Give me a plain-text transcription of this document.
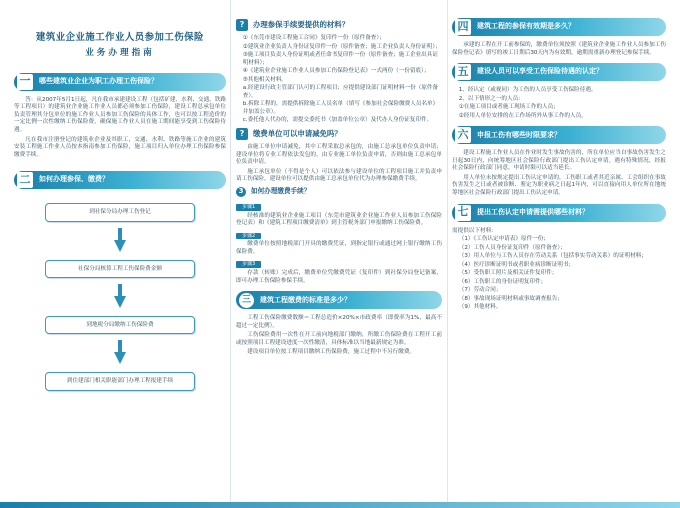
建筑业企业施工作业人员参加工伤保险
业务办理指南
一	哪些建筑业企业为职工办理工伤保险？

答：从2007年5月1日起，凡在我市承建建设工程（包括矿建、水利、交通、铁路等工程项目）的建筑业企业施工作业人员都必须参加工伤保险，建设工程总承包单位负责管理其分包单位的施工作业人员参加工伤保险的具体工作，也可以按工程造价的一定比例一次性缴纳工伤保险费，确保施工作业人员在施工期间能享受到工伤保险待遇。

凡在我市注册登记的建筑业企业及其职工，交通、水利、铁路等施工企业的建筑安装工程施工作业人员按本指南参加工伤保险，施工项目归入单位办理工伤保险参保缴费手续。

二	如何办理参保、缴费？
到社保分局办理工伤登记
社保分局核算工程工伤保险费金额
到地税分局缴纳工伤保险费
到住建部门相关职能部门办理工程报建手续
?	办理参保手续要提供的材料？
①《东莞市建设工程施工合同》复印件一份（原件备查）；
②建筑业企业负责人身份证复印件一份（原件备查；施工企业负责人身份证明）；
③施工项目负责人身份证明或者任命书复印件一份（原件备查；施工企业出具证明材料）；
④《建筑业企业施工作业人员参加工伤保险登记表》一式两份（一份留底）；
⑤其他相关材料。
a.经建设行政主管部门认可的工程项目；应提供建设部门证明材料一份（原件备查）。
b.拆除工程的，需提供拆除施工人员名单（填写《参加社会保险缴费人员名单》并加盖公章）。
c.委托他人代办的，需提交委托书（加盖单位公章）及代办人身份证复印件。
?	缴费单位可以申请减免吗？

由施工单位申请减免，其中工程采取总承包的，由施工总承包单位负责申请；建设单位将专业工程依法发包的，由专业施工单位负责申请，否则由施工总承包单位负责申请。

施工承包单位（不得是个人）可以依法参与建设单位的工程项目施工并负责申请工伤保险，建设单位可以提供由施工总承包单位代为办理参保缴费手续。

3	如何办理缴费手续？
步骤1

经核准的建筑业企业施工项目（东莞市建筑业企业施工作业人员参加工伤保险登记表）和《建筑工程项目缴费清单》到主管税务部门申报缴纳工伤保险费。

步骤2

缴费单位按照地税部门开具的缴费凭证，到指定银行或通过网上银行缴纳工伤保险费。

步骤3

存款（转账）完成后，缴费单位凭缴费凭证（复印件）到社保分局登记备案，即可办理工伤保险参保手续。

三	建筑工程缴费的标准是多少？

工程工伤保险缴费数额＝工程总造价×20%×市政费率（即费率为1%，最高不超过一定比例）。

工伤保险费用一次性在开工前向地税部门缴纳，所缴工伤保险费在工程开工前或按照项目工程建设进度一次性缴清，具体标准以当地最新规定为准。

建设项目单位按工程项目缴纳工伤保险费，施工过程中不另行缴费。

四	建筑工程的参保有效期是多久？

承建的工程在开工前参保的，缴费单位须按照《建筑业企业施工作业人员参加工伤保险登记表》填写的竣工日期后30天内为有效期，逾期需重新办理登记参保手续。

五	建设人员可以享受工伤保险待遇的认定？
1、经认定（或视同）为工伤的人员享受工伤保险待遇。
2、以下情形之一的人员：
①在施工项目或者施工现场工作的人员；
②经用人单位安排的在工作场所外从事工作的人员。
六	申报工伤有哪些时限要求？

建设工程施工作业人员在作业时发生事故伤害的，所在单位应当自事故伤害发生之日起30日内，向统筹地区社会保险行政部门提出工伤认定申请。遇有特殊情况，经报社会保险行政部门同意，申请时限可以适当延长。

用人单位未按规定提出工伤认定申请的，工伤职工或者其近亲属、工会组织在事故伤害发生之日或者被诊断、鉴定为职业病之日起1年内，可以直接向用人单位所在地统筹地区社会保险行政部门提出工伤认定申请。

七	提出工伤认定申请需提供哪些材料？
需提供以下材料：
（1）《工伤认定申请表》原件一份；
（2）工伤人员身份证复印件（原件备查）；
（3）用人单位与工伤人员存在劳动关系（包括事实劳动关系）的证明材料；
（4）医疗诊断证明书或者职业病诊断证明书；
（5）受伤职工照片及相关证件复印件；
（6）工伤职工的身份证明复印件；
（7）劳动合同；
（8）事故现场证明材料或事故调查报告；
（9）其他材料。
